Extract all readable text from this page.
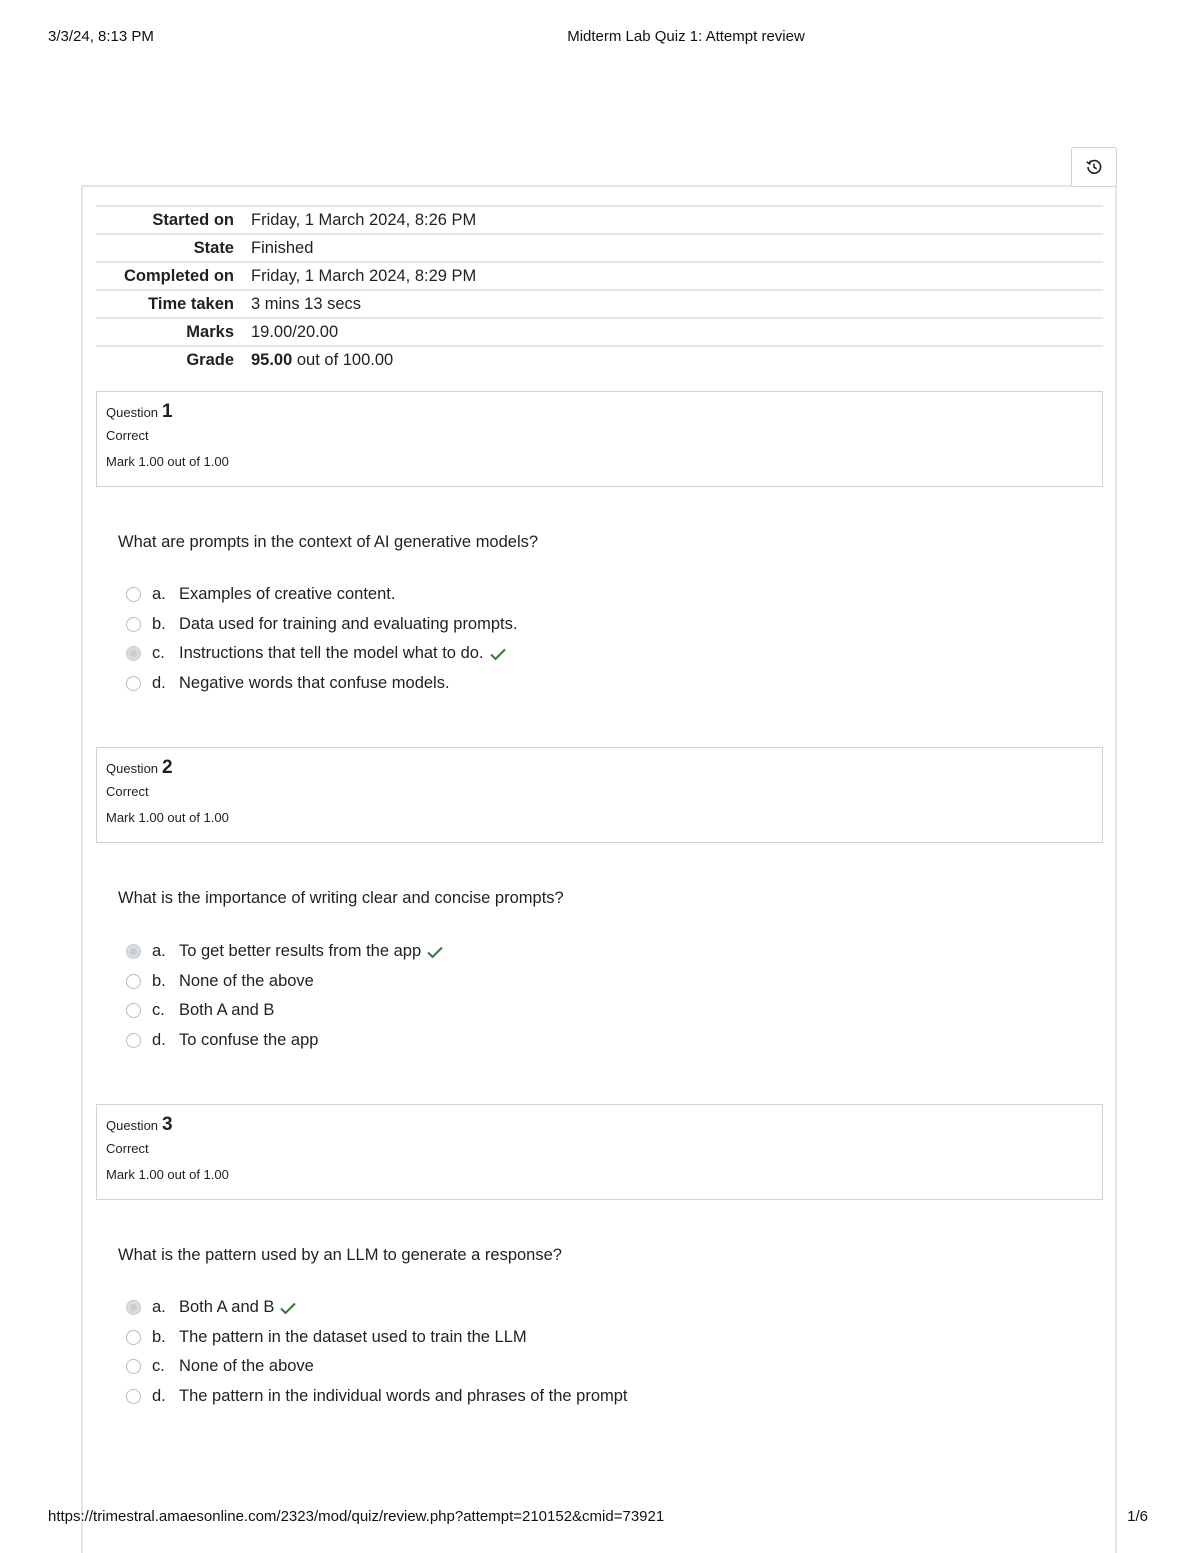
3/3/24, 8:13 PM	Midterm Lab Quiz 1: Attempt review
Started on	Friday, 1 March 2024, 8:26 PM
State	Finished
Completed on	Friday, 1 March 2024, 8:29 PM
Time taken	3 mins 13 secs
Marks	19.00/20.00
Grade	95.00 out of 100.00
Question 1
Correct
Mark 1.00 out of 1.00
What are prompts in the context of AI generative models?
a. Examples of creative content.
b. Data used for training and evaluating prompts.
c. Instructions that tell the model what to do.
d. Negative words that confuse models.
Question 2
Correct
Mark 1.00 out of 1.00
What is the importance of writing clear and concise prompts?
a. To get better results from the app
b. None of the above
c. Both A and B
d. To confuse the app
Question 3
Correct
Mark 1.00 out of 1.00
What is the pattern used by an LLM to generate a response?
a. Both A and B
b. The pattern in the dataset used to train the LLM
c. None of the above
d. The pattern in the individual words and phrases of the prompt
https://trimestral.amaesonline.com/2323/mod/quiz/review.php?attempt=210152&cmid=73921	1/6
